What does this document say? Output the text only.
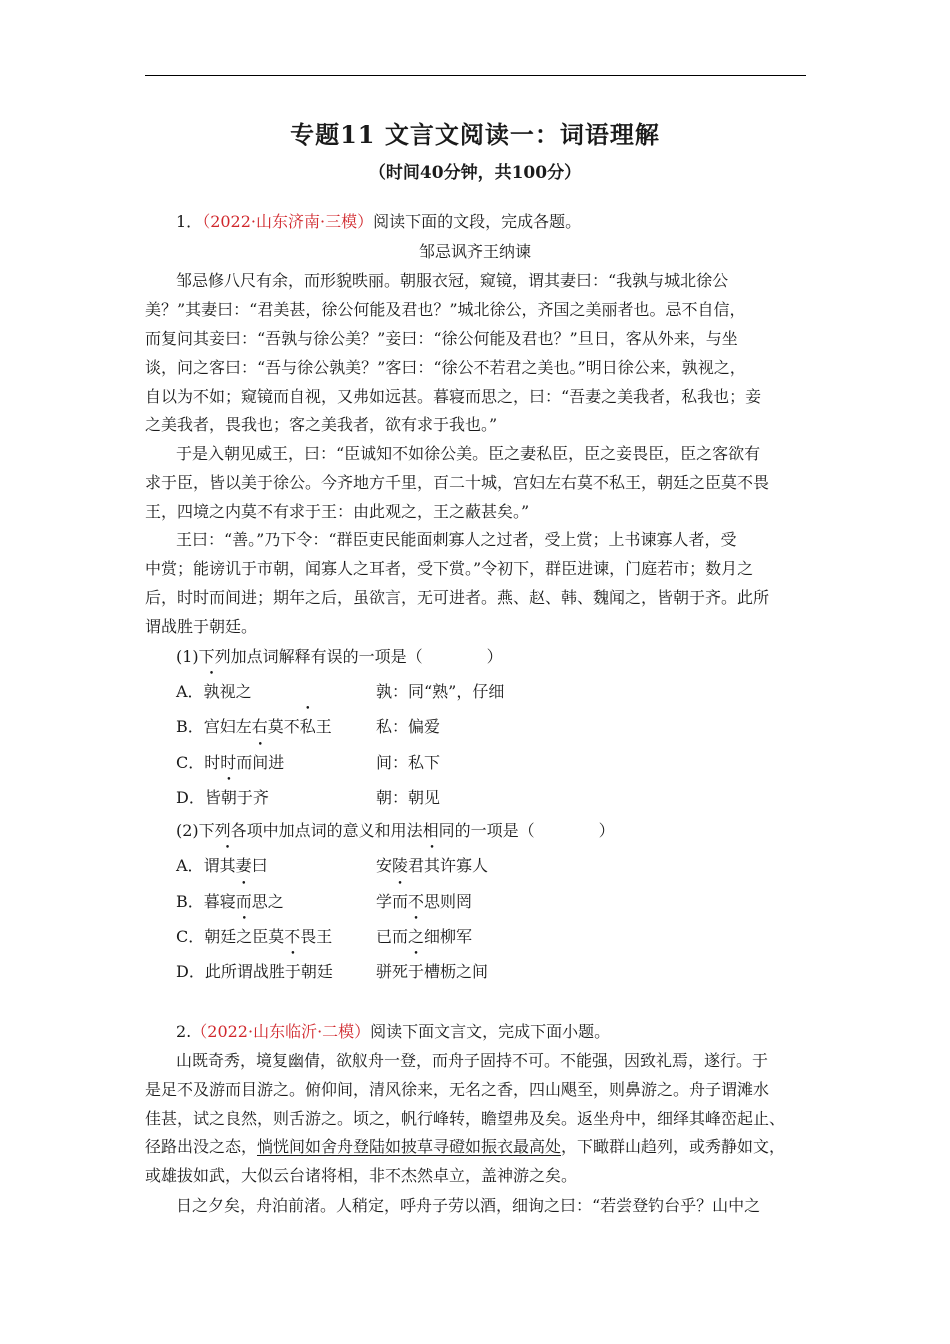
专题11 文言文阅读一：词语理解
（时间40分钟，共100分）
1．（2022·山东济南·三模）阅读下面的文段，完成各题。
邹忌讽齐王纳谏
邹忌修八尺有余，而形貌昳丽。朝服衣冠，窥镜，谓其妻曰：“我孰与城北徐公
美？”其妻曰：“君美甚，徐公何能及君也？”城北徐公，齐国之美丽者也。忌不自信，
而复问其妾曰：“吾孰与徐公美？”妾曰：“徐公何能及君也？”旦日，客从外来，与坐
谈，问之客曰：“吾与徐公孰美？”客曰：“徐公不若君之美也。”明日徐公来，孰视之，
自以为不如；窥镜而自视，又弗如远甚。暮寝而思之，曰：“吾妻之美我者，私我也；妾
之美我者，畏我也；客之美我者，欲有求于我也。”
于是入朝见威王，曰：“臣诚知不如徐公美。臣之妻私臣，臣之妾畏臣，臣之客欲有
求于臣，皆以美于徐公。今齐地方千里，百二十城，宫妇左右莫不私王，朝廷之臣莫不畏
王，四境之内莫不有求于王：由此观之，王之蔽甚矣。”
王曰：“善。”乃下令：“群臣吏民能面刺寡人之过者，受上赏；上书谏寡人者，受
中赏；能谤讥于市朝，闻寡人之耳者，受下赏。”令初下，群臣进谏，门庭若市；数月之
后，时时而间进；期年之后，虽欲言，无可进者。燕、赵、韩、魏闻之，皆朝于齐。此所
谓战胜于朝廷。
(1)下列加点词解释有误的一项是（　　　　）
A．孰视之	孰：同“熟”，仔细
B．宫妇左右莫不私王	私：偏爱
C．时时而间进	间：私下
D．皆朝于齐	朝：朝见
(2)下列各项中加点词的意义和用法相同的一项是（　　　　）
A．谓其妻曰	安陵君其许寡人
B．暮寝而思之	学而不思则罔
C．朝廷之臣莫不畏王	已而之细柳军
D．此所谓战胜于朝廷	骈死于槽枥之间
2.（2022·山东临沂·二模）阅读下面文言文，完成下面小题。
山既奇秀，境复幽倩，欲舣舟一登，而舟子固持不可。不能强，因致礼焉，遂行。于
是足不及游而目游之。俯仰间，清风徐来，无名之香，四山飓至，则鼻游之。舟子谓滩水
佳甚，试之良然，则舌游之。顷之，帆行峰转，瞻望弗及矣。返坐舟中，细绎其峰峦起止、
径路出没之态，惝恍间如舍舟登陆如披草寻磴如振衣最高处，下瞰群山趋列，或秀静如文，
或雄拔如武，大似云台诸将相，非不杰然卓立，盖神游之矣。
日之夕矣，舟泊前渚。人稍定，呼舟子劳以酒，细询之曰：“若尝登钓台乎？山中之
